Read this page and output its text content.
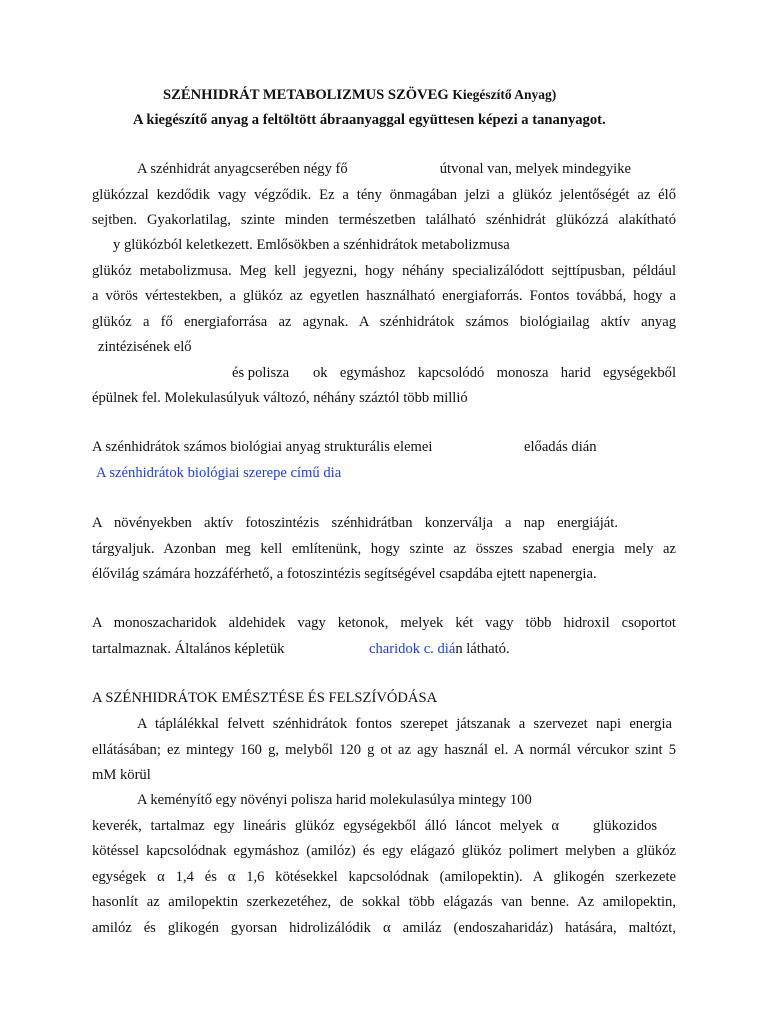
SZÉNHIDRÁT METABOLIZMUS SZÖVEG Kiegészítő Anyag)
A kiegészítő anyag a feltöltött ábraanyaggal együttesen képezi a tananyagot.
A szénhidrát anyagcserében négy fő	útvonal van, melyek mindegyike
glükózzal kezdődik vagy végződik. Ez a tény önmagában jelzi a glükóz jelentőségét az élő
sejtben. Gyakorlatilag, szinte minden természetben található szénhidrát glükózzá alakítható
y glükózból keletkezett. Emlősökben a szénhidrátok metabolizmusa
glükóz metabolizmusa. Meg kell jegyezni, hogy néhány specializálódott sejttípusban, például
a vörös vértestekben, a glükóz az egyetlen használható energiaforrás. Fontos továbbá, hogy a
glükóz a fő energiaforrása az agynak. A szénhidrátok számos biológiailag aktív anyag
zintézisének elő
és polisza ok egymáshoz kapcsolódó monosza harid egységekből
épülnek fel. Molekulasúlyuk változó, néhány száztól több millió
A szénhidrátok számos biológiai anyag strukturális elemei	előadás dián
A szénhidrátok biológiai szerepe című dia
A növényekben aktív fotoszintézis szénhidrátban konzerválja a nap energiáját.
tárgyaljuk. Azonban meg kell említenünk, hogy szinte az összes szabad energia mely az
élővilág számára hozzáférhető, a fotoszintézis segítségével csapdába ejtett napenergia.
A monoszacharidok aldehidek vagy ketonok, melyek két vagy több hidroxil csoportot
tartalmaznak. Általános képletük	charidok c. dián látható.
A SZÉNHIDRÁTOK EMÉSZTÉSE ÉS FELSZÍVÓDÁSA
A táplálékkal felvett szénhidrátok fontos szerepet játszanak a szervezet napi energia
ellátásában; ez mintegy 160 g, melyből 120 g ot az agy használ el. A normál vércukor szint 5
mM körül
A keményítő egy növényi polisza harid molekulasúlya mintegy 100
keverék, tartalmaz egy lineáris glükóz egységekből álló láncot melyek α glükozidos
kötéssel kapcsolódnak egymáshoz (amilóz) és egy elágazó glükóz polimert melyben a glükóz
egységek α 1,4 és α 1,6 kötésekkel kapcsolódnak (amilopektin). A glikogén szerkezete
hasonlít az amilopektin szerkezetéhez, de sokkal több elágazás van benne. Az amilopektin,
amilóz és glikogén gyorsan hidrolizálódik α amiláz (endoszaharidáz) hatására, maltózt,
